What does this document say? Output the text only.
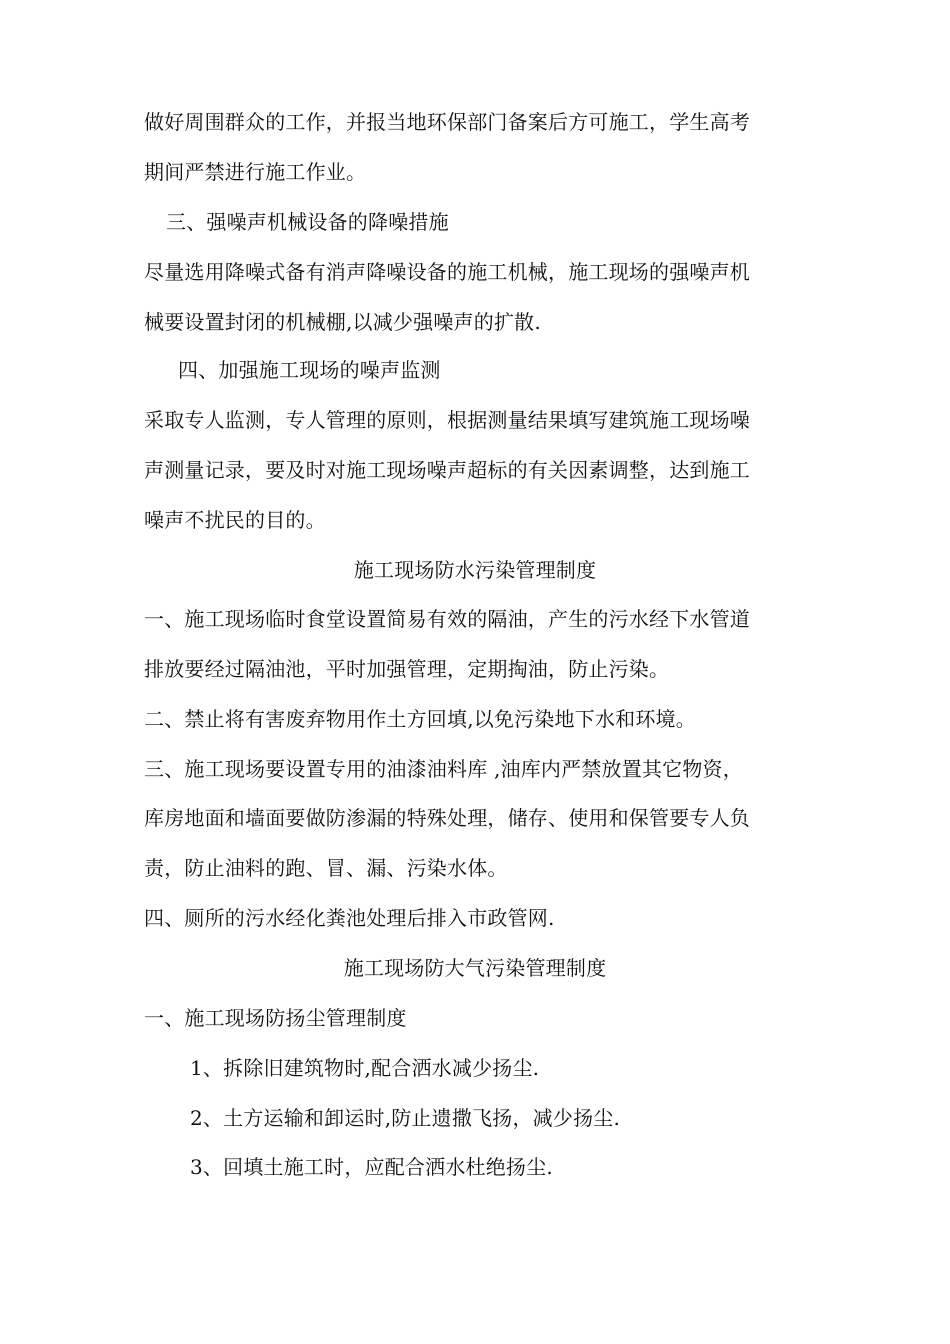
做好周围群众的工作，并报当地环保部门备案后方可施工，学生高考
期间严禁进行施工作业。
三、强噪声机械设备的降噪措施
尽量选用降噪式备有消声降噪设备的施工机械，施工现场的强噪声机
械要设置封闭的机械棚,以减少强噪声的扩散.
四、加强施工现场的噪声监测
采取专人监测，专人管理的原则，根据测量结果填写建筑施工现场噪
声测量记录，要及时对施工现场噪声超标的有关因素调整，达到施工
噪声不扰民的目的。
施工现场防水污染管理制度
一、施工现场临时食堂设置简易有效的隔油，产生的污水经下水管道
排放要经过隔油池，平时加强管理，定期掏油，防止污染。
二、禁止将有害废弃物用作土方回填,以免污染地下水和环境。
三、施工现场要设置专用的油漆油料库 ,油库内严禁放置其它物资，
库房地面和墙面要做防渗漏的特殊处理，储存、使用和保管要专人负
责，防止油料的跑、冒、漏、污染水体。
四、厕所的污水经化粪池处理后排入市政管网.
施工现场防大气污染管理制度
一、施工现场防扬尘管理制度
1、拆除旧建筑物时,配合洒水减少扬尘.
2、土方运输和卸运时,防止遗撒飞扬，减少扬尘.
3、回填土施工时，应配合洒水杜绝扬尘.
